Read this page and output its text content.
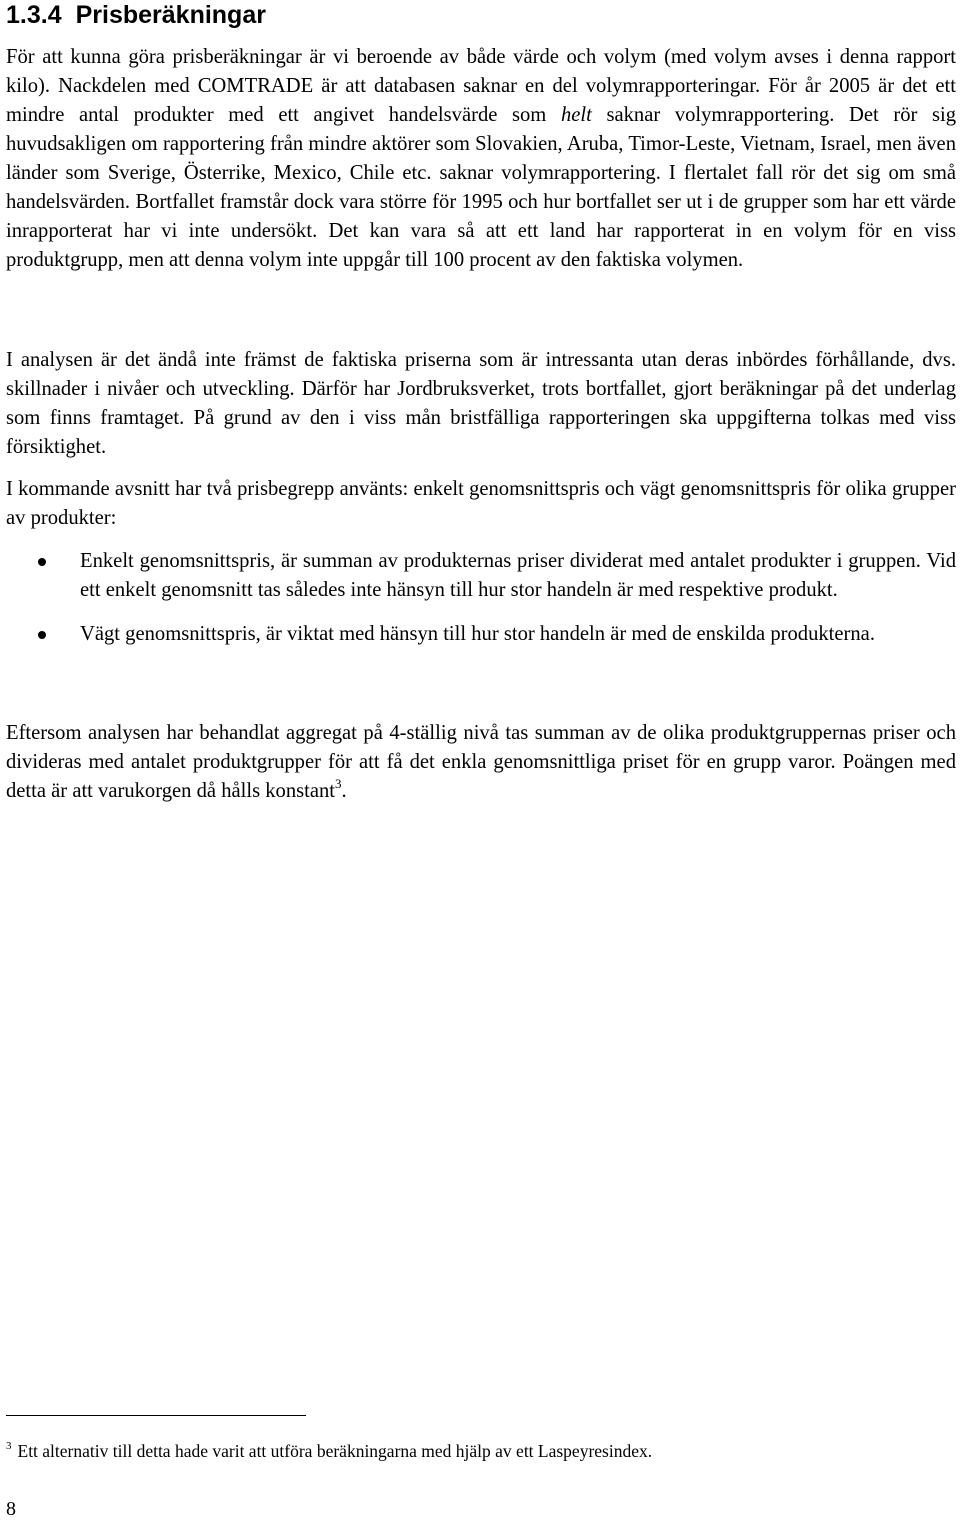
1.3.4 Prisberäkningar

För att kunna göra prisberäkningar är vi beroende av både värde och volym (med volym avses i denna rapport kilo). Nackdelen med COMTRADE är att databasen saknar en del volymrapporteringar. För år 2005 är det ett mindre antal produkter med ett angivet handelsvärde som helt saknar volymrapportering. Det rör sig huvudsakligen om rapportering från mindre aktörer som Slovakien, Aruba, Timor-Leste, Vietnam, Israel, men även länder som Sverige, Österrike, Mexico, Chile etc. saknar volymrapportering. I flertalet fall rör det sig om små handelsvärden. Bortfallet framstår dock vara större för 1995 och hur bortfallet ser ut i de grupper som har ett värde inrapporterat har vi inte undersökt. Det kan vara så att ett land har rapporterat in en volym för en viss produktgrupp, men att denna volym inte uppgår till 100 procent av den faktiska volymen.

I analysen är det ändå inte främst de faktiska priserna som är intressanta utan deras inbördes förhållande, dvs. skillnader i nivåer och utveckling. Därför har Jordbruksverket, trots bortfallet, gjort beräkningar på det underlag som finns framtaget. På grund av den i viss mån bristfälliga rapporteringen ska uppgifterna tolkas med viss försiktighet.

I kommande avsnitt har två prisbegrepp använts: enkelt genomsnittspris och vägt genomsnittspris för olika grupper av produkter:

Enkelt genomsnittspris, är summan av produkternas priser dividerat med antalet produkter i gruppen. Vid ett enkelt genomsnitt tas således inte hänsyn till hur stor handeln är med respektive produkt.
Vägt genomsnittspris, är viktat med hänsyn till hur stor handeln är med de enskilda produkterna.

Eftersom analysen har behandlat aggregat på 4-ställig nivå tas summan av de olika produktgruppernas priser och divideras med antalet produktgrupper för att få det enkla genomsnittliga priset för en grupp varor. Poängen med detta är att varukorgen då hålls konstant$^3$.

$^3$ Ett alternativ till detta hade varit att utföra beräkningarna med hjälp av ett Laspeyresindex.
8
